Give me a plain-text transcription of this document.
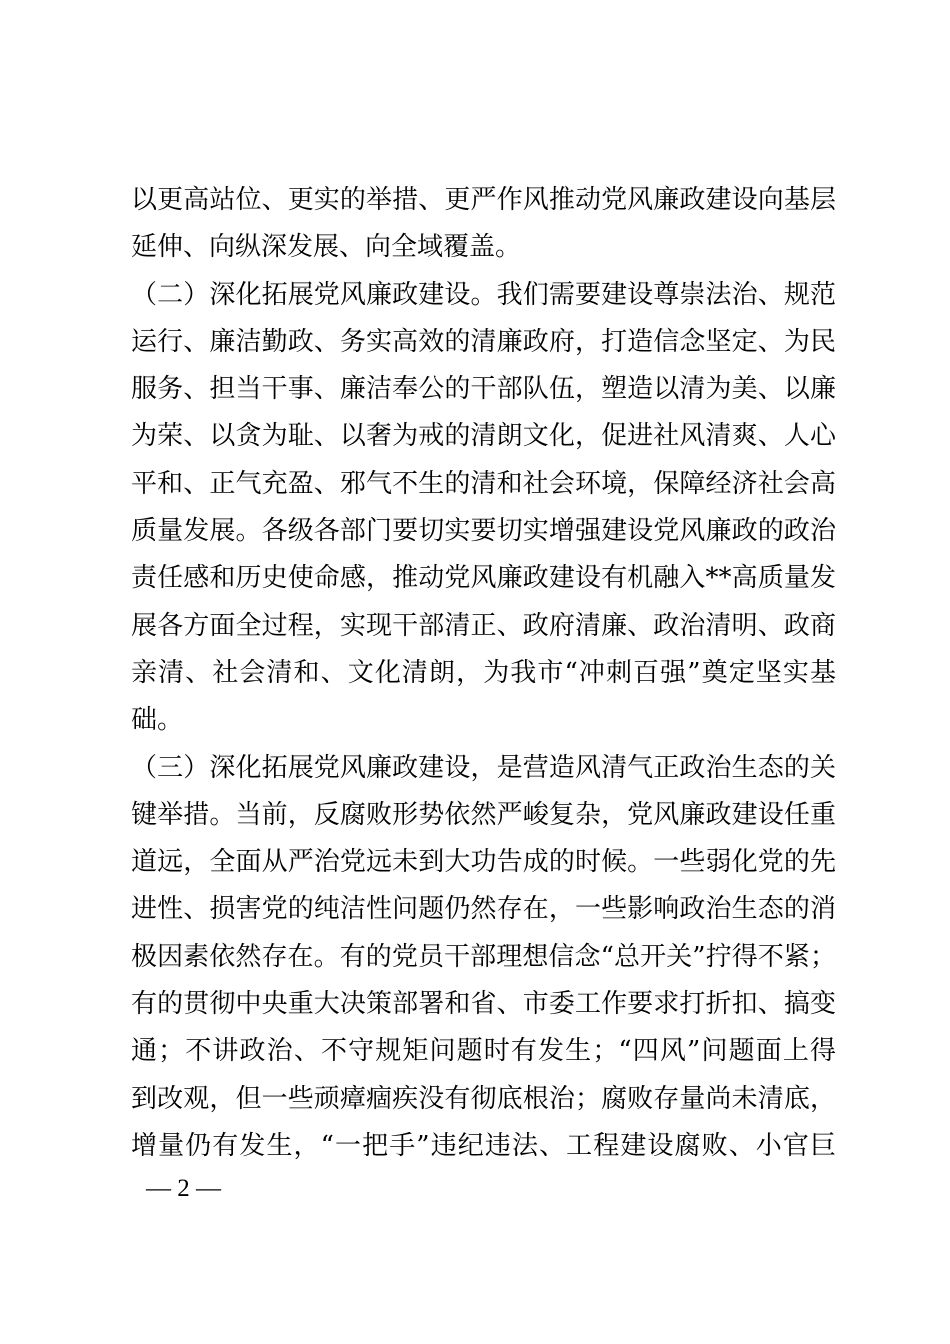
以更高站位、更实的举措、更严作风推动党风廉政建设向基层
延伸、向纵深发展、向全域覆盖。
（二）深化拓展党风廉政建设。我们需要建设尊崇法治、规范
运行、廉洁勤政、务实高效的清廉政府，打造信念坚定、为民
服务、担当干事、廉洁奉公的干部队伍，塑造以清为美、以廉
为荣、以贪为耻、以奢为戒的清朗文化，促进社风清爽、人心
平和、正气充盈、邪气不生的清和社会环境，保障经济社会高
质量发展。各级各部门要切实要切实增强建设党风廉政的政治
责任感和历史使命感，推动党风廉政建设有机融入**高质量发
展各方面全过程，实现干部清正、政府清廉、政治清明、政商
亲清、社会清和、文化清朗，为我市“冲刺百强”奠定坚实基
础。
（三）深化拓展党风廉政建设，是营造风清气正政治生态的关
键举措。当前，反腐败形势依然严峻复杂，党风廉政建设任重
道远，全面从严治党远未到大功告成的时候。一些弱化党的先
进性、损害党的纯洁性问题仍然存在，一些影响政治生态的消
极因素依然存在。有的党员干部理想信念“总开关”拧得不紧；
有的贯彻中央重大决策部署和省、市委工作要求打折扣、搞变
通；不讲政治、不守规矩问题时有发生；“四风”问题面上得
到改观，但一些顽瘴痼疾没有彻底根治；腐败存量尚未清底，
增量仍有发生，“一把手”违纪违法、工程建设腐败、小官巨
— 2 —
